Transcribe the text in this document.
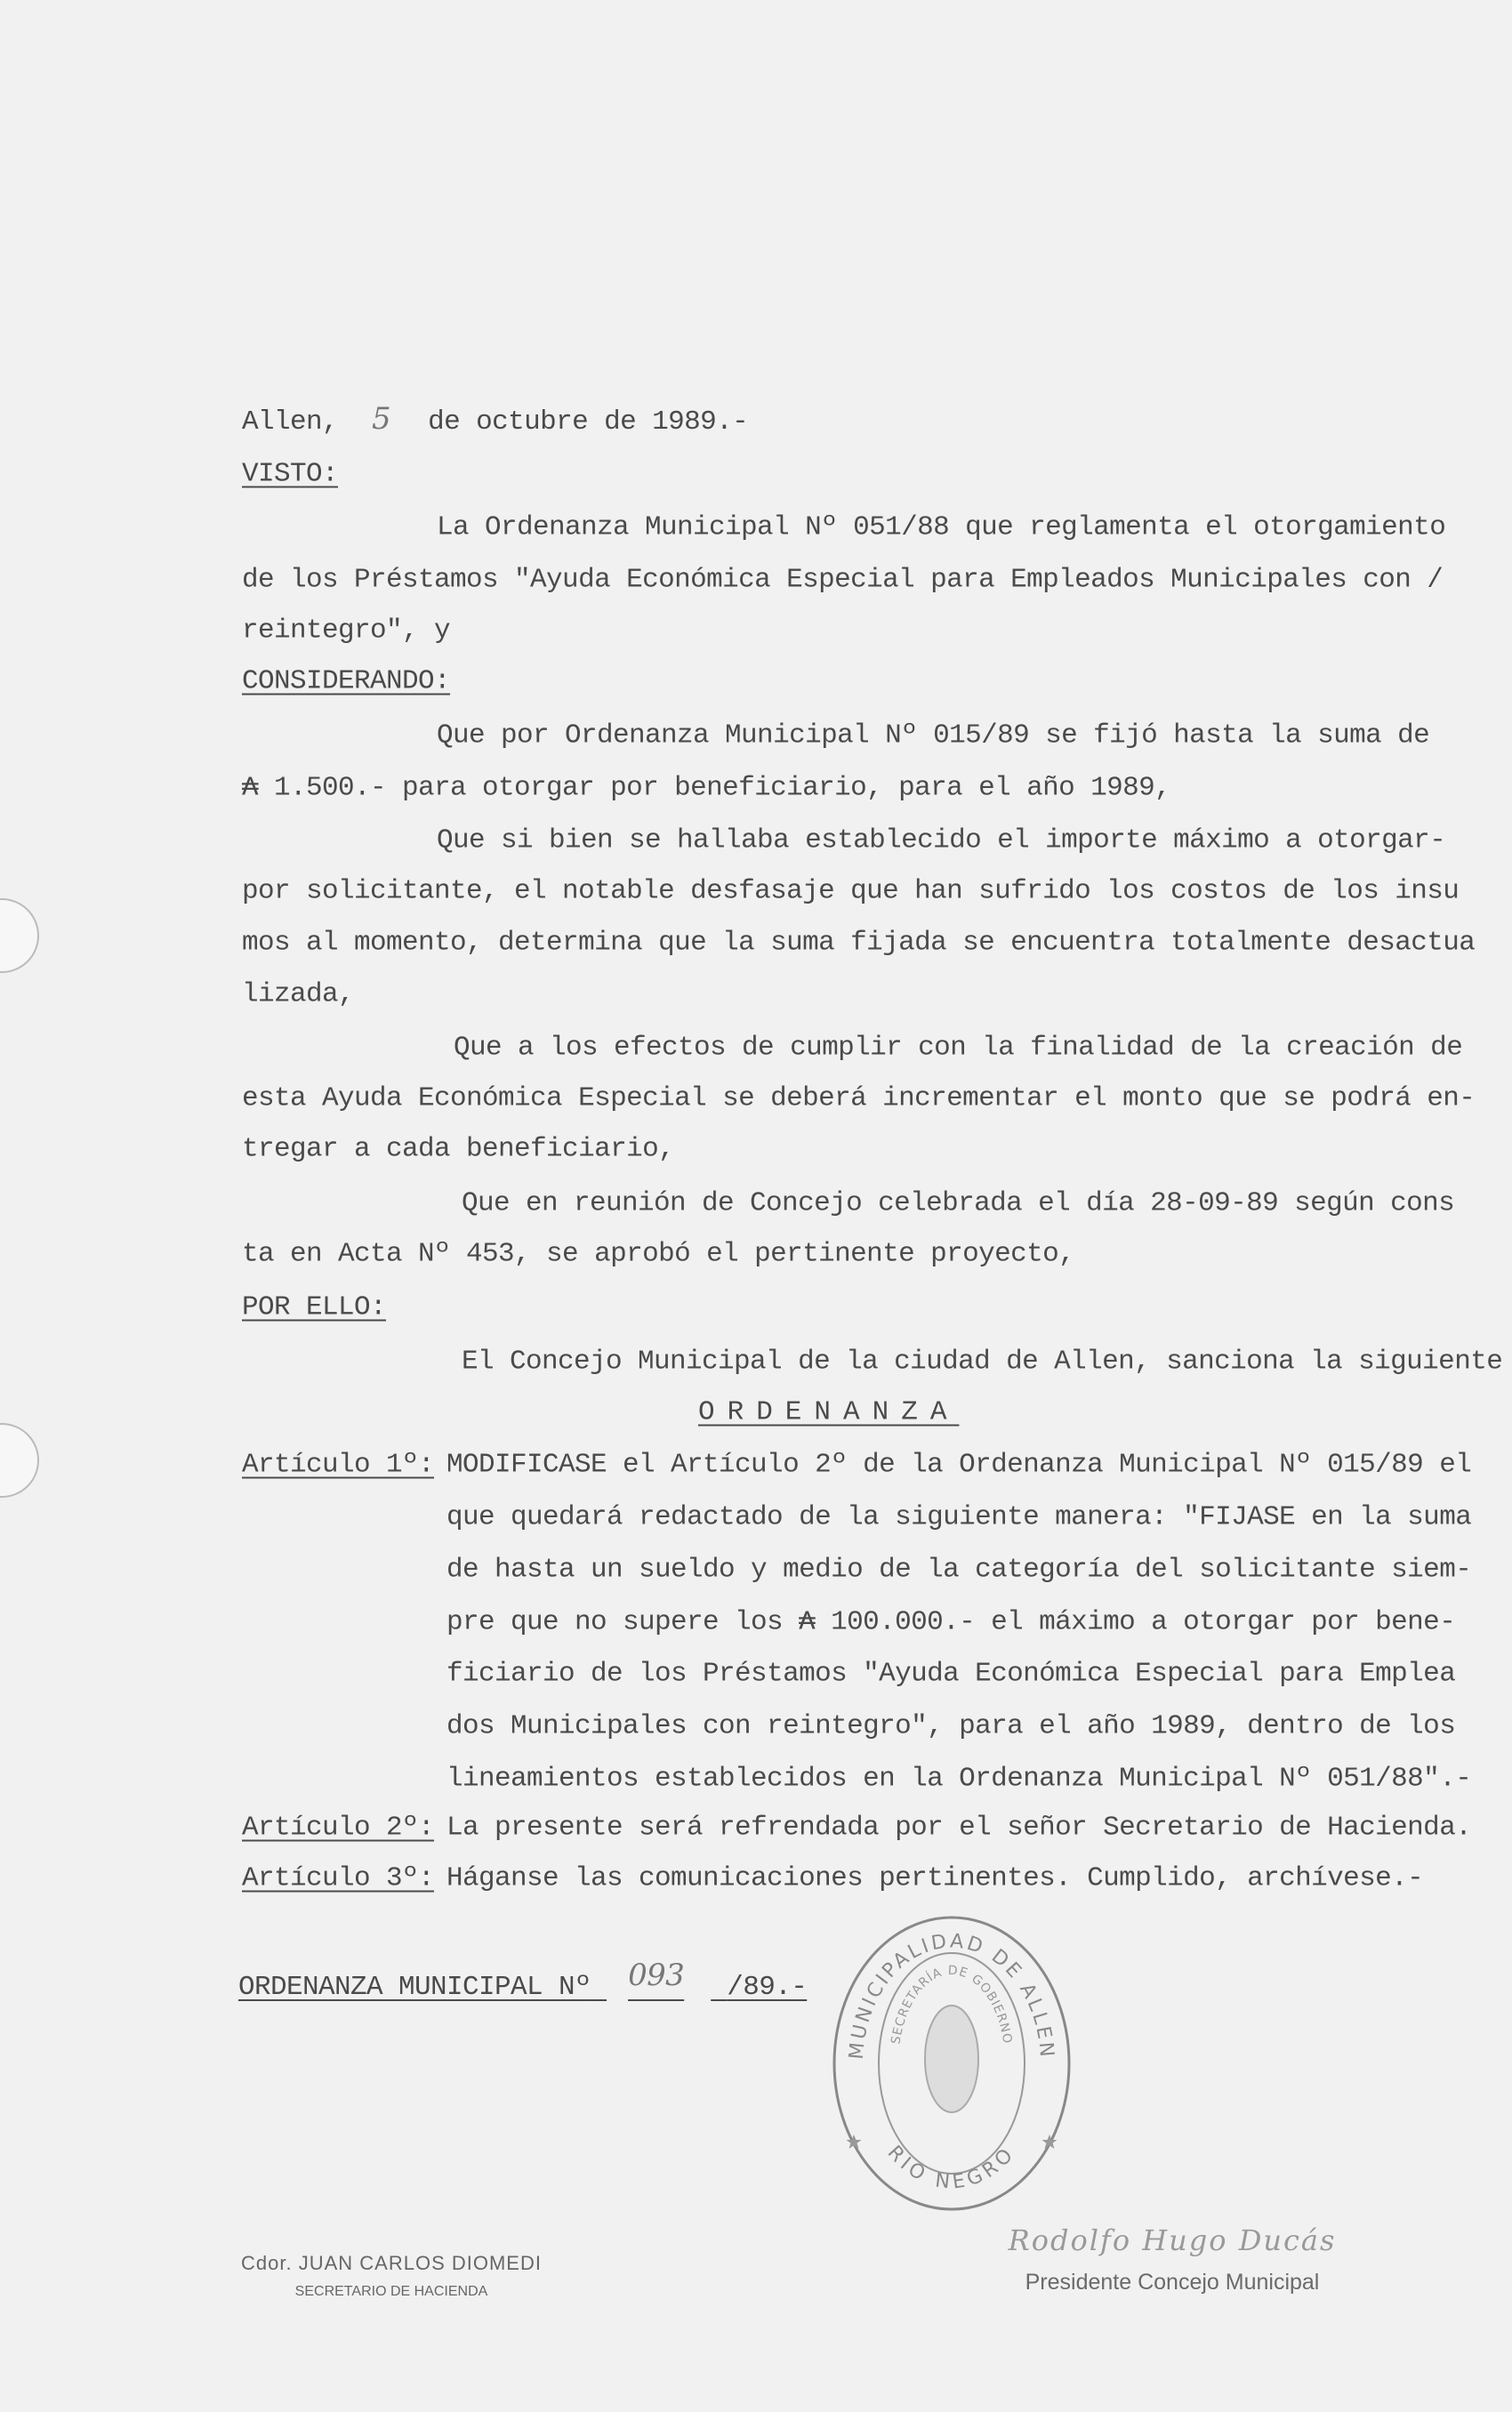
Allen, 5 de octubre de 1989.-
VISTO:
La Ordenanza Municipal Nº 051/88 que reglamenta el otorgamiento
de los Préstamos "Ayuda Económica Especial para Empleados Municipales con /
reintegro", y
CONSIDERANDO:
Que por Ordenanza Municipal Nº 015/89 se fijó hasta la suma de
₳ 1.500.- para otorgar por beneficiario, para el año 1989,
Que si bien se hallaba establecido el importe máximo a otorgar-
por solicitante, el notable desfasaje que han sufrido los costos de los insu
mos al momento, determina que la suma fijada se encuentra totalmente desactua
lizada,
Que a los efectos de cumplir con la finalidad de la creación de
esta Ayuda Económica Especial se deberá incrementar el monto que se podrá en-
tregar a cada beneficiario,
Que en reunión de Concejo celebrada el día 28-09-89 según cons
ta en Acta Nº 453, se aprobó el pertinente proyecto,
POR ELLO:
El Concejo Municipal de la ciudad de Allen, sanciona la siguiente
ORDENANZA
Artículo 1º: MODIFICASE el Artículo 2º de la Ordenanza Municipal Nº 015/89 el
que quedará redactado de la siguiente manera: "FIJASE en la suma
de hasta un sueldo y medio de la categoría del solicitante siem-
pre que no supere los ₳ 100.000.- el máximo a otorgar por bene-
ficiario de los Préstamos "Ayuda Económica Especial para Emplea
dos Municipales con reintegro", para el año 1989, dentro de los
lineamientos establecidos en la Ordenanza Municipal Nº 051/88".-
Artículo 2º: La presente será refrendada por el señor Secretario de Hacienda.
Artículo 3º: Háganse las comunicaciones pertinentes. Cumplido, archívese.-
ORDENANZA MUNICIPAL Nº 093 /89.-
MUNICIPALIDAD DE ALLEN
SECRETARÍA DE GOBIERNO
RIO NEGRO
Cdor. JUAN CARLOS DIOMEDI
SECRETARIO DE HACIENDA
Rodolfo Hugo Ducás
Presidente Concejo Municipal
